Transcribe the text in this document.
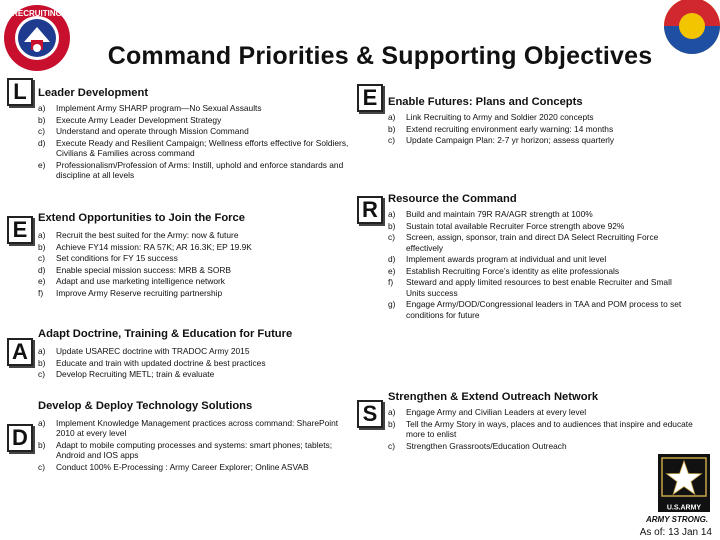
RECRUITING
Command Priorities & Supporting Objectives
L	Leader Development
a) Implement Army SHARP program—No Sexual Assaults
b) Execute Army Leader Development Strategy
c) Understand and operate through Mission Command
d) Execute Ready and Resilient Campaign; Wellness efforts effective for Soldiers, Civilians & Families across command
e) Professionalism/Profession of Arms: Instill, uphold and enforce standards and discipline at all levels
E Extend Opportunities to Join the Force
a) Recruit the best suited for the Army: now & future
b) Achieve FY14 mission: RA 57K; AR 16.3K; EP 19.9K
c) Set conditions for FY 15 success
d) Enable special mission success: MRB & SORB
e) Adapt and use marketing intelligence network
f) Improve Army Reserve recruiting partnership
A
Adapt Doctrine, Training & Education for Future
a) Update USAREC doctrine with TRADOC Army 2015
b) Educate and train with updated doctrine & best practices
c) Develop Recruiting METL; train & evaluate
D
Develop & Deploy Technology Solutions
a) Implement Knowledge Management practices across command: SharePoint 2010 at every level
b) Adapt to mobile computing processes and systems: smart phones; tablets; Android and IOS apps
c) Conduct 100% E-Processing : Army Career Explorer; Online ASVAB
E Enable Futures: Plans and Concepts
a) Link Recruiting to Army and Soldier 2020 concepts
b) Extend recruiting environment early warning: 14 months
c) Update Campaign Plan: 2-7 yr horizon; assess quarterly
R Resource the Command
a) Build and maintain 79R RA/AGR strength at 100%
b) Sustain total available Recruiter Force strength above 92%
c) Screen, assign, sponsor, train and direct DA Select Recruiting Force effectively
d) Implement awards program at individual and unit level
e) Establish Recruiting Force’s identity as elite professionals
f) Steward and apply limited resources to best enable Recruiter and Small Units success
g) Engage Army/DOD/Congressional leaders in TAA and POM process to set conditions for future
S
Strengthen & Extend Outreach Network
a) Engage Army and Civilian Leaders at every level
b) Tell the Army Story in ways, places and to audiences that inspire and educate more to enlist
c) Strengthen Grassroots/Education Outreach
U.S.ARMY
ARMY STRONG.
As of: 13 Jan 14
